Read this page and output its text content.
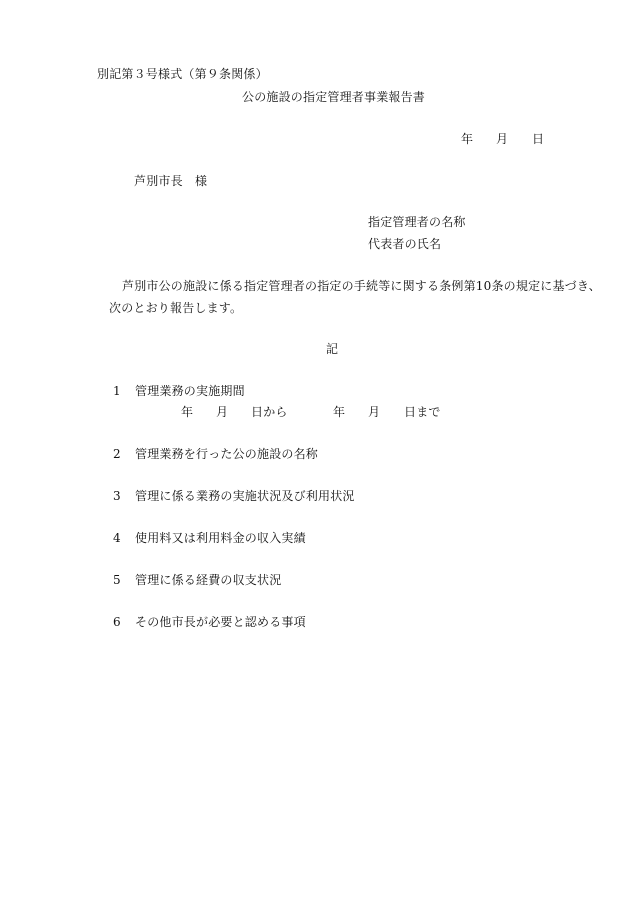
別記第３号様式（第９条関係）
公の施設の指定管理者事業報告書
年 月 日
芦別市長　様
指定管理者の名称
代表者の氏名
芦別市公の施設に係る指定管理者の指定の手続等に関する条例第10条の規定に基づき、
次のとおり報告します。
記
1 管理業務の実施期間
年 月 日から	年 月 日まで
2 管理業務を行った公の施設の名称
3 管理に係る業務の実施状況及び利用状況
4 使用料又は利用料金の収入実績
5 管理に係る経費の収支状況
6 その他市長が必要と認める事項
